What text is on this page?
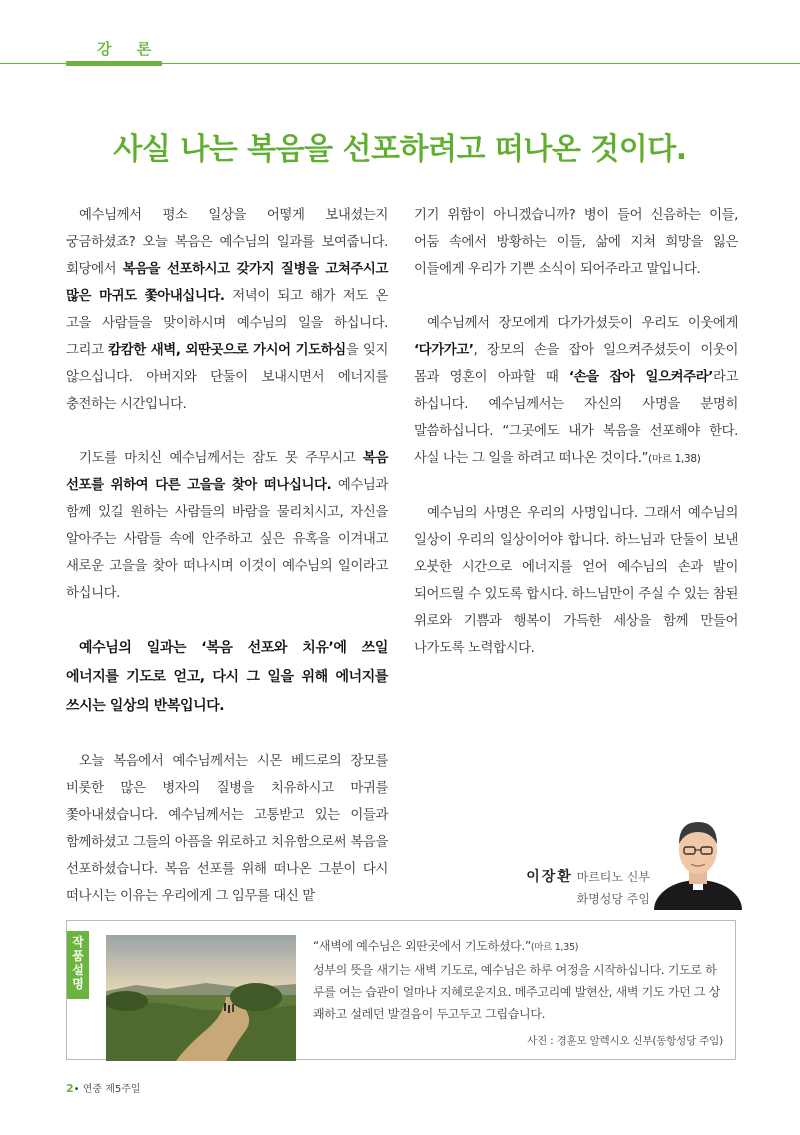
강 론
사실 나는 복음을 선포하려고 떠나온 것이다.

예수님께서 평소 일상을 어떻게 보내셨는지 궁금하셨죠? 오늘 복음은 예수님의 일과를 보여줍니다. 회당에서 복음을 선포하시고 갖가지 질병을 고쳐주시고 많은 마귀도 쫓아내십니다. 저녁이 되고 해가 저도 온 고을 사람들을 맞이하시며 예수님의 일을 하십니다. 그리고 캄캄한 새벽, 외딴곳으로 가시어 기도하심을 잊지 않으십니다. 아버지와 단둘이 보내시면서 에너지를 충전하는 시간입니다.

기도를 마치신 예수님께서는 잠도 못 주무시고 복음 선포를 위하여 다른 고을을 찾아 떠나십니다. 예수님과 함께 있길 원하는 사람들의 바람을 물리치시고, 자신을 알아주는 사람들 속에 안주하고 싶은 유혹을 이겨내고 새로운 고을을 찾아 떠나시며 이것이 예수님의 일이라고 하십니다.

예수님의 일과는 ‘복음 선포와 치유’에 쓰일 에너지를 기도로 얻고, 다시 그 일을 위해 에너지를 쓰시는 일상의 반복입니다.

오늘 복음에서 예수님께서는 시몬 베드로의 장모를 비롯한 많은 병자의 질병을 치유하시고 마귀를 쫓아내셨습니다. 예수님께서는 고통받고 있는 이들과 함께하셨고 그들의 아픔을 위로하고 치유함으로써 복음을 선포하셨습니다. 복음 선포를 위해 떠나온 그분이 다시 떠나시는 이유는 우리에게 그 임무를 대신 맡

기기 위함이 아니겠습니까? 병이 들어 신음하는 이들, 어둠 속에서 방황하는 이들, 삶에 지쳐 희망을 잃은 이들에게 우리가 기쁜 소식이 되어주라고 말입니다.

예수님께서 장모에게 다가가셨듯이 우리도 이웃에게 ‘다가가고’, 장모의 손을 잡아 일으켜주셨듯이 이웃이 몸과 영혼이 아파할 때 ‘손을 잡아 일으켜주라’라고 하십니다. 예수님께서는 자신의 사명을 분명히 말씀하십니다. “그곳에도 내가 복음을 선포해야 한다. 사실 나는 그 일을 하려고 떠나온 것이다.”(마르 1,38)

예수님의 사명은 우리의 사명입니다. 그래서 예수님의 일상이 우리의 일상이어야 합니다. 하느님과 단둘이 보낸 오붓한 시간으로 에너지를 얻어 예수님의 손과 발이 되어드릴 수 있도록 합시다. 하느님만이 주실 수 있는 참된 위로와 기쁨과 행복이 가득한 세상을 함께 만들어 나가도록 노력합시다.

이장환 마르티노 신부
화명성당 주임
작품설명
“새벽에 예수님은 외딴곳에서 기도하셨다.”(마르 1,35)
성부의 뜻을 새기는 새벽 기도로, 예수님은 하루 여정을 시작하십니다. 기도로 하루를 여는 습관이 얼마나 지혜로운지요. 메주고리예 발현산, 새벽 기도 가던 그 상쾌하고 설레던 발걸음이 두고두고 그립습니다.
사진 : 경훈모 알렉시오 신부(동항성당 주임)
2• 연중 제5주일
